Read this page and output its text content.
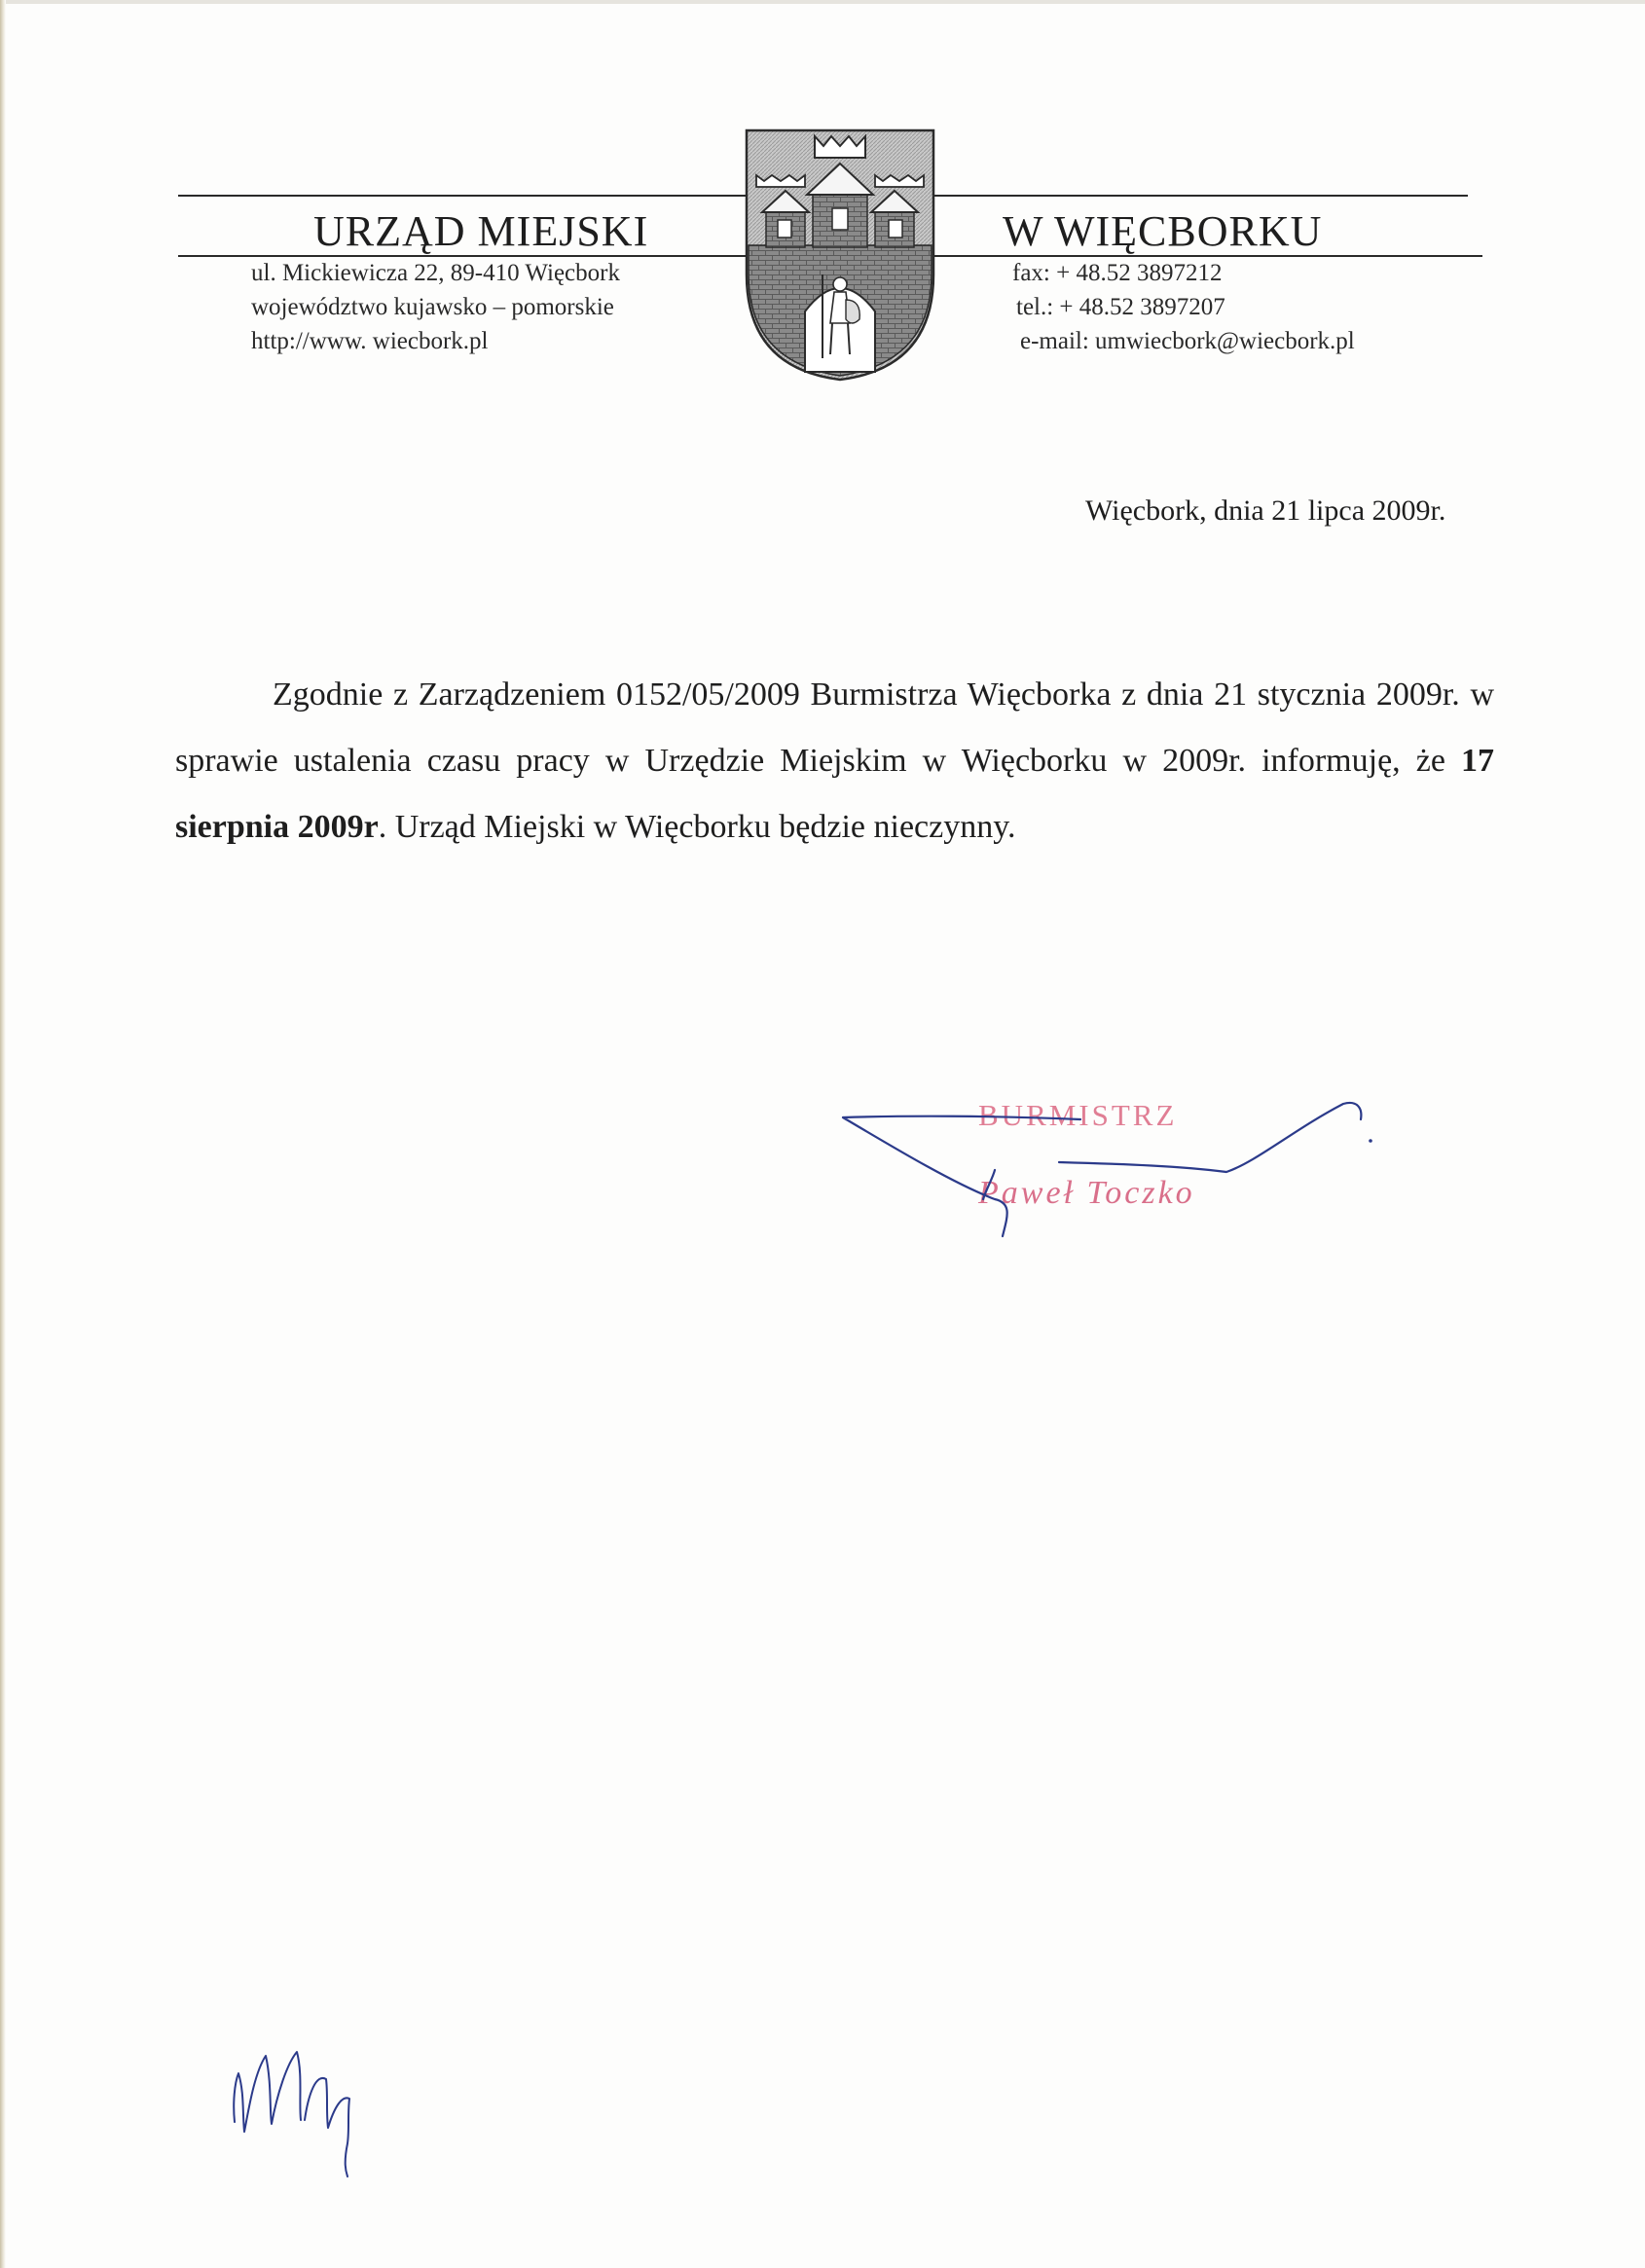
URZĄD MIEJSKI	W WIĘCBORKU
ul. Mickiewicza 22, 89-410 Więcbork
województwo kujawsko – pomorskie
http://www. wiecbork.pl
fax: + 48.52 3897212
tel.: + 48.52 3897207
e-mail: umwiecbork@wiecbork.pl
Więcbork, dnia 21 lipca 2009r.

Zgodnie z Zarządzeniem 0152/05/2009 Burmistrza Więcborka z dnia 21 stycznia 2009r. w sprawie ustalenia czasu pracy w Urzędzie Miejskim w Więcborku w 2009r. informuję, że 17 sierpnia 2009r. Urząd Miejski w Więcborku będzie nieczynny.

BURMISTRZ
Paweł Toczko
